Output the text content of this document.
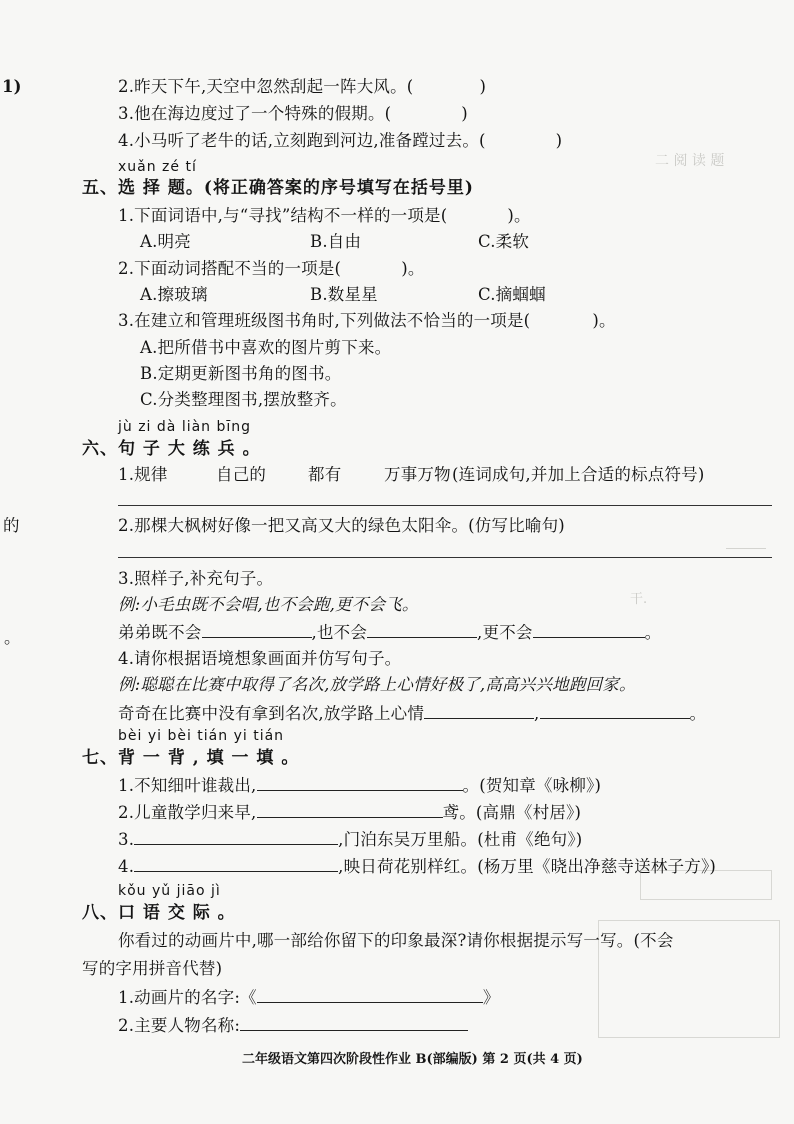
二 阅 读 题
干.
1)
的
。
2.昨天下午,天空中忽然刮起一阵大风。(	)
3.他在海边度过了一个特殊的假期。(	)
4.小马听了老牛的话,立刻跑到河边,准备蹚过去。(	)
xuǎn zé tí
五、选 择 题。(将正确答案的序号填写在括号里)
1.下面词语中,与“寻找”结构不一样的一项是(	)。
A.明亮	B.自由	C.柔软
2.下面动词搭配不当的一项是(	)。
A.擦玻璃	B.数星星	C.摘蝈蝈
3.在建立和管理班级图书角时,下列做法不恰当的一项是(	)。
A.把所借书中喜欢的图片剪下来。
B.定期更新图书角的图书。
C.分类整理图书,摆放整齐。
jù zi dà liàn bīng
六、句 子 大 练 兵 。
1.规律	自己的	都有	万事万物 (连词成句,并加上合适的标点符号)
2.那棵大枫树好像一把又高又大的绿色太阳伞。(仿写比喻句)
3.照样子,补充句子。
例:小毛虫既不会唱,也不会跑,更不会飞。
弟弟既不会	,也不会	,更不会	。
4.请你根据语境想象画面并仿写句子。
例:聪聪在比赛中取得了名次,放学路上心情好极了,高高兴兴地跑回家。
奇奇在比赛中没有拿到名次,放学路上心情	,	。
bèi yi bèi tián yi tián
七、背 一 背 , 填 一 填 。
1.不知细叶谁裁出,	。(贺知章《咏柳》)
2.儿童散学归来早,	鸢。(高鼎《村居》)
3.	,门泊东吴万里船。(杜甫《绝句》)
4.	,映日荷花别样红。(杨万里《晓出净慈寺送林子方》)
kǒu yǔ jiāo jì
八、口 语 交 际 。
你看过的动画片中,哪一部给你留下的印象最深?请你根据提示写一写。(不会
写的字用拼音代替)
1.动画片的名字:《	》
2.主要人物名称:
二年级语文第四次阶段性作业 B(部编版) 第 2 页(共 4 页)
